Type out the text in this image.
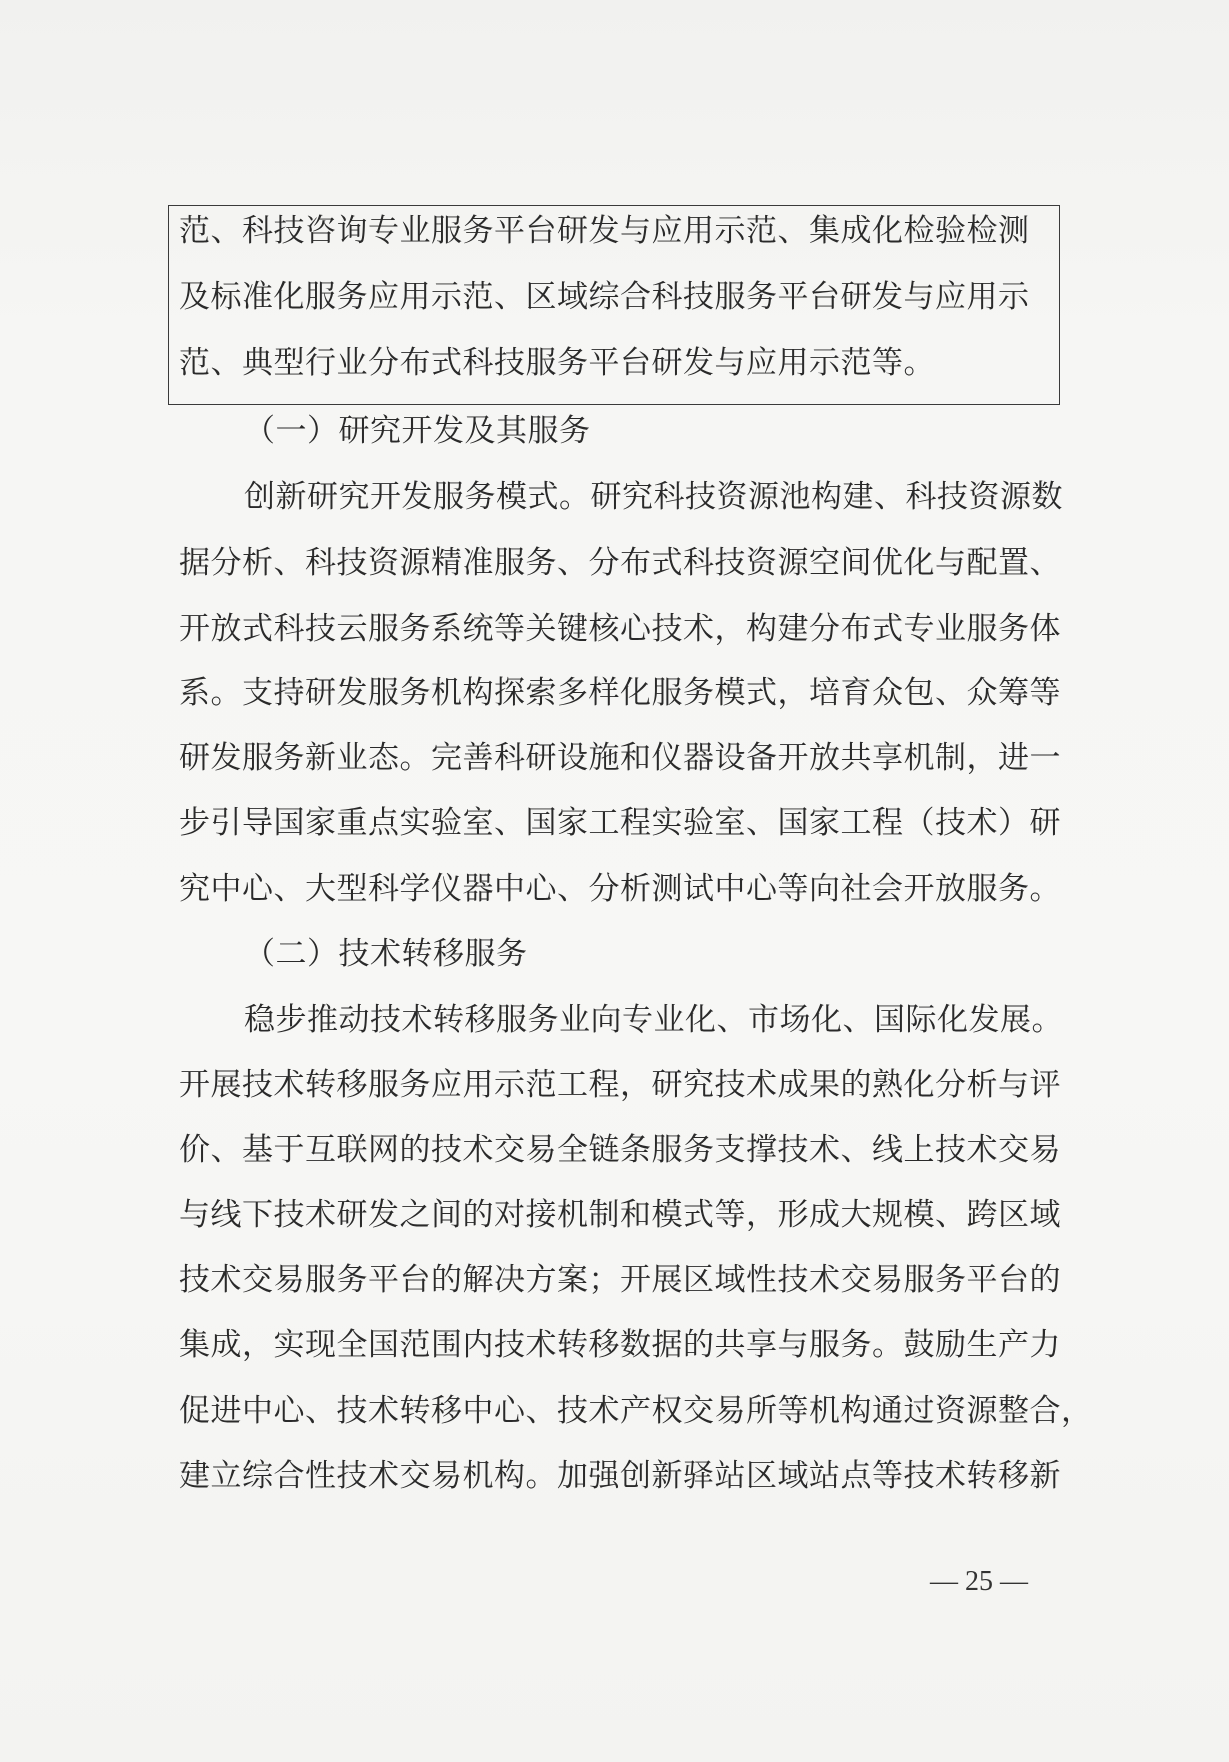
范、科技咨询专业服务平台研发与应用示范、集成化检验检测
及标准化服务应用示范、区域综合科技服务平台研发与应用示
范、典型行业分布式科技服务平台研发与应用示范等。
（一）研究开发及其服务
创新研究开发服务模式。研究科技资源池构建、科技资源数
据分析、科技资源精准服务、分布式科技资源空间优化与配置、
开放式科技云服务系统等关键核心技术，构建分布式专业服务体
系。支持研发服务机构探索多样化服务模式，培育众包、众筹等
研发服务新业态。完善科研设施和仪器设备开放共享机制，进一
步引导国家重点实验室、国家工程实验室、国家工程（技术）研
究中心、大型科学仪器中心、分析测试中心等向社会开放服务。
（二）技术转移服务
稳步推动技术转移服务业向专业化、市场化、国际化发展。
开展技术转移服务应用示范工程，研究技术成果的熟化分析与评
价、基于互联网的技术交易全链条服务支撑技术、线上技术交易
与线下技术研发之间的对接机制和模式等，形成大规模、跨区域
技术交易服务平台的解决方案；开展区域性技术交易服务平台的
集成，实现全国范围内技术转移数据的共享与服务。鼓励生产力
促进中心、技术转移中心、技术产权交易所等机构通过资源整合，
建立综合性技术交易机构。加强创新驿站区域站点等技术转移新
— 25 —
